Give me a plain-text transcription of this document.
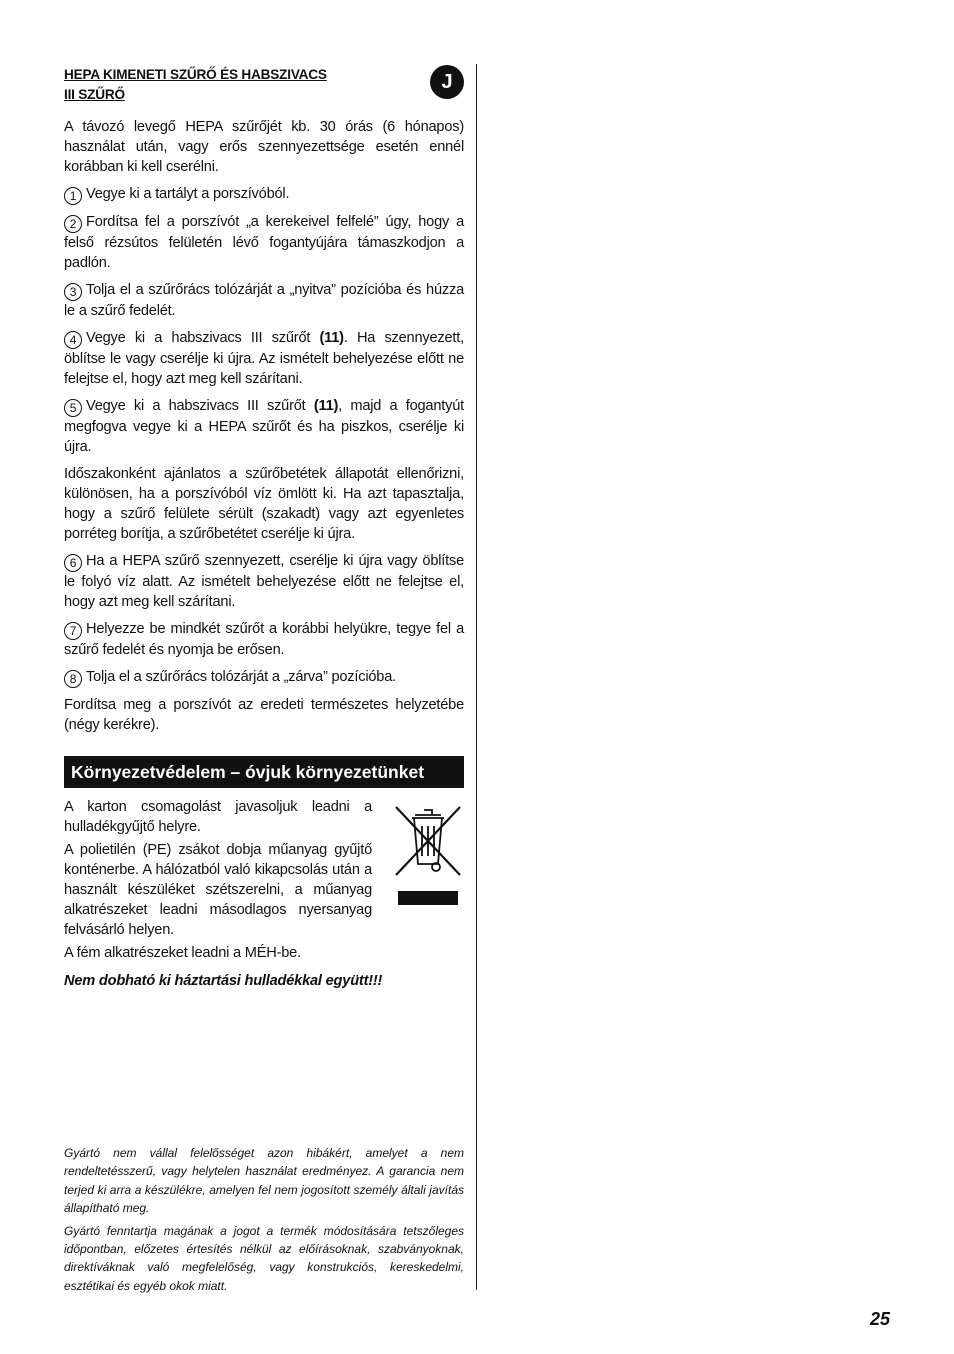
J
HEPA KIMENETI SZŰRŐ ÉS HABSZIVACS
III SZŰRŐ

A távozó levegő HEPA szűrőjét kb. 30 órás (6 hónapos) használat után, vagy erős szennyezettsége esetén ennél korábban ki kell cserélni.

1 Vegye ki a tartályt a porszívóból.

2 Fordítsa fel a porszívót „a kerekeivel felfelé” úgy, hogy a felső rézsútos felületén lévő fogantyújára támaszkodjon a padlón.

3 Tolja el a szűrőrács tolózárját a „nyitva” pozícióba és húzza le a szűrő fedelét.

4 Vegye ki a habszivacs III szűrőt (11). Ha szennyezett, öblítse le vagy cserélje ki újra. Az ismételt behelyezése előtt ne felejtse el, hogy azt meg kell szárítani.

5 Vegye ki a habszivacs III szűrőt (11), majd a fogantyút megfogva vegye ki a HEPA szűrőt és ha piszkos, cserélje ki újra.

Időszakonként ajánlatos a szűrőbetétek állapotát ellenőrizni, különösen, ha a porszívóból víz ömlött ki. Ha azt tapasztalja, hogy a szűrő felülete sérült (szakadt) vagy azt egyenletes porréteg borítja, a szűrőbetétet cserélje ki újra.

6 Ha a HEPA szűrő szennyezett, cserélje ki újra vagy öblítse le folyó víz alatt. Az ismételt behelyezése előtt ne felejtse el, hogy azt meg kell szárítani.

7 Helyezze be mindkét szűrőt a korábbi helyükre, tegye fel a szűrő fedelét és nyomja be erősen.

8 Tolja el a szűrőrács tolózárját a „zárva” pozícióba.

Fordítsa meg a porszívót az eredeti természetes helyzetébe (négy kerékre).

Környezetvédelem – óvjuk környezetünket

A karton csomagolást javasoljuk leadni a hulladékgyűjtő helyre.

A polietilén (PE) zsákot dobja műanyag gyűjtő konténerbe. A hálózatból való kikapcsolás után a használt készüléket szétszerelni, a műanyag alkatrészeket leadni másodlagos nyersanyag felvásárló helyen.

A fém alkatrészeket leadni a MÉH-be.

Nem dobható ki háztartási hulladékkal együtt!!!

Gyártó nem vállal felelősséget azon hibákért, amelyet a nem rendeltetésszerű, vagy helytelen használat eredményez. A garancia nem terjed ki arra a készülékre, amelyen fel nem jogosított személy általi javítás állapítható meg.

Gyártó fenntartja magának a jogot a termék módosítására tetszőleges időpontban, előzetes értesítés nélkül az előírásoknak, szabványoknak, direktíváknak való megfelelőség, vagy konstrukciós, kereskedelmi, esztétikai és egyéb okok miatt.

25
